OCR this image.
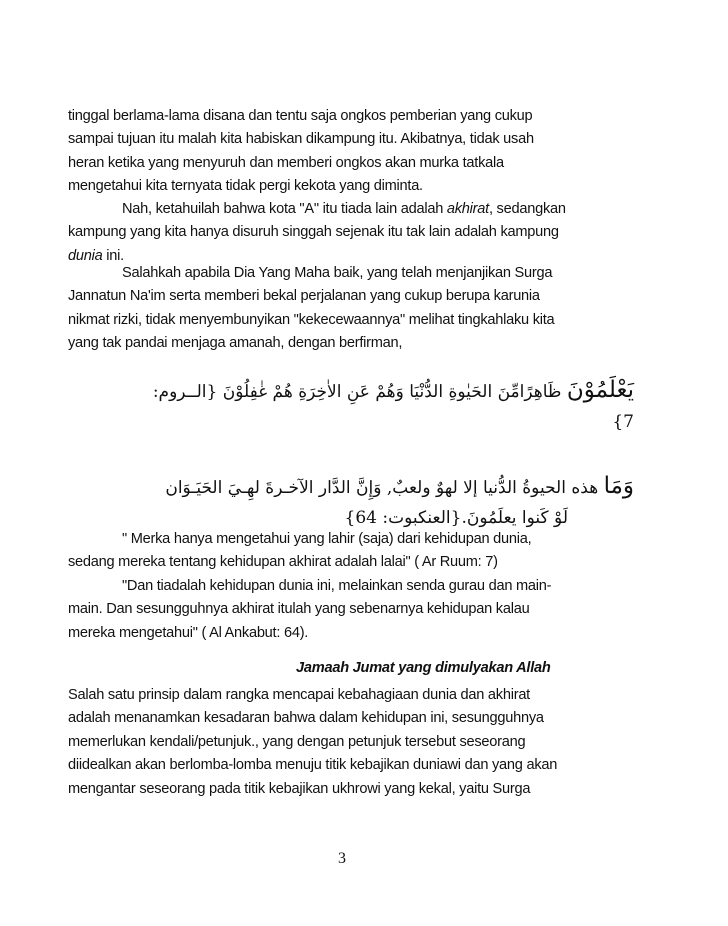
tinggal berlama-lama disana dan tentu saja ongkos pemberian yang cukup
sampai tujuan itu malah kita habiskan dikampung itu. Akibatnya, tidak usah
heran ketika yang menyuruh dan memberi ongkos akan murka tatkala
mengetahui kita ternyata tidak pergi kekota yang diminta.
Nah, ketahuilah bahwa kota "A" itu tiada lain adalah akhirat, sedangkan
kampung yang kita hanya disuruh singgah sejenak itu tak lain adalah kampung
dunia ini.
Salahkah apabila Dia Yang Maha baik, yang telah menjanjikan Surga
Jannatun Na'im serta memberi bekal perjalanan yang cukup berupa karunia
nikmat rizki, tidak menyembunyikan "kekecewaannya" melihat tingkahlaku kita
yang tak pandai menjaga amanah, dengan berfirman,
يَعْلَمُوْنَ ظَاهِرًامِّنَ الحَيٰوةِ الدُّنْيَا وَهُمْ عَنِ الاٰخِرَةِ هُمْ غٰفِلُوْنَ {الــروم:
7}
وَمَا هذه الحيوةُ الدُّنيا إلا لهوٌ ولعبٌ, وَإِنَّ الدَّار الآخـرةَ لهِـيَ الحَيَـوَان
لَوْ كَنوا يعلَمُونَ.{العنكبوت: 64}
" Merka hanya mengetahui yang lahir (saja) dari kehidupan dunia,
sedang mereka tentang kehidupan akhirat adalah lalai" ( Ar Ruum: 7)
"Dan tiadalah kehidupan dunia ini, melainkan senda gurau dan main-
main. Dan sesungguhnya akhirat itulah yang sebenarnya kehidupan kalau
mereka mengetahui" ( Al Ankabut: 64).
Jamaah Jumat yang dimulyakan Allah
Salah satu prinsip dalam rangka mencapai kebahagiaan dunia dan akhirat
adalah menanamkan kesadaran bahwa dalam kehidupan ini, sesungguhnya
memerlukan kendali/petunjuk., yang dengan petunjuk tersebut seseorang
diidealkan akan berlomba-lomba menuju titik kebajikan duniawi dan yang akan
mengantar seseorang pada titik kebajikan ukhrowi yang kekal, yaitu Surga
3
